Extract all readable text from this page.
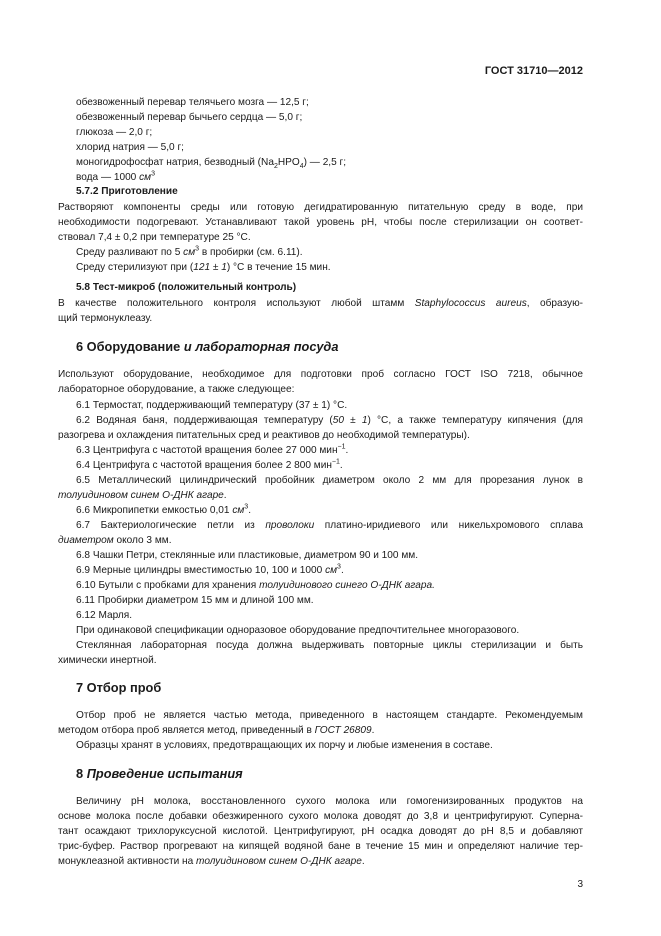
ГОСТ 31710—2012
обезвоженный перевар телячьего мозга — 12,5 г;
обезвоженный перевар бычьего сердца — 5,0 г;
глюкоза — 2,0 г;
хлорид натрия — 5,0 г;
моногидрофосфат натрия, безводный $(Na_2HPO_4)$ — 2,5 г;
вода — 1000 $см^3$
5.7.2 Приготовление
Растворяют компоненты среды или готовую дегидратированную питательную среду в воде, при
необходимости подогревают. Устанавливают такой уровень pH, чтобы после стерилизации он соответ-
ствовал 7,4 ± 0,2 при температуре 25 °С.
Среду разливают по 5 $см^3$ в пробирки (см. 6.11).
Среду стерилизуют при (121 ± 1) °С в течение 15 мин.
5.8 Тест-микроб (положительный контроль)
В качестве положительного контроля используют любой штамм Staphylococcus aureus, образую-
щий термонуклеазу.
6 Оборудование и лабораторная посуда
Используют оборудование, необходимое для подготовки проб согласно ГОСТ ISO 7218, обычное
лабораторное оборудование, а также следующее:
6.1 Термостат, поддерживающий температуру (37 ± 1) °С.
6.2 Водяная баня, поддерживающая температуру (50 ± 1) °С, а также температуру кипячения (для
разогрева и охлаждения питательных сред и реактивов до необходимой температуры).
6.3 Центрифуга с частотой вращения более 27 000 мин$^{-1}$.
6.4 Центрифуга с частотой вращения более 2 800 мин$^{-1}$.
6.5 Металлический цилиндрический пробойник диаметром около 2 мм для прорезания лунок в
толуидиновом синем О-ДНК агаре.
6.6 Микропипетки емкостью 0,01 $см^3$.
6.7 Бактериологические петли из проволоки платино-иридиевого или никельхромового сплава
диаметром около 3 мм.
6.8 Чашки Петри, стеклянные или пластиковые, диаметром 90 и 100 мм.
6.9 Мерные цилиндры вместимостью 10, 100 и 1000 $см^3$.
6.10 Бутыли с пробками для хранения толуидинового синего О-ДНК агара.
6.11 Пробирки диаметром 15 мм и длиной 100 мм.
6.12 Марля.
При одинаковой спецификации одноразовое оборудование предпочтительнее многоразового.
Стеклянная лабораторная посуда должна выдерживать повторные циклы стерилизации и быть
химически инертной.
7 Отбор проб
Отбор проб не является частью метода, приведенного в настоящем стандарте. Рекомендуемым
методом отбора проб является метод, приведенный в ГОСТ 26809.
Образцы хранят в условиях, предотвращающих их порчу и любые изменения в составе.
8 Проведение испытания
Величину pH молока, восстановленного сухого молока или гомогенизированных продуктов на
основе молока после добавки обезжиренного сухого молока доводят до 3,8 и центрифугируют. Суперна-
тант осаждают трихлоруксусной кислотой. Центрифугируют, pH осадка доводят до pH 8,5 и добавляют
трис-буфер. Раствор прогревают на кипящей водяной бане в течение 15 мин и определяют наличие тер-
монуклеазной активности на толуидиновом синем О-ДНК агаре.
3
